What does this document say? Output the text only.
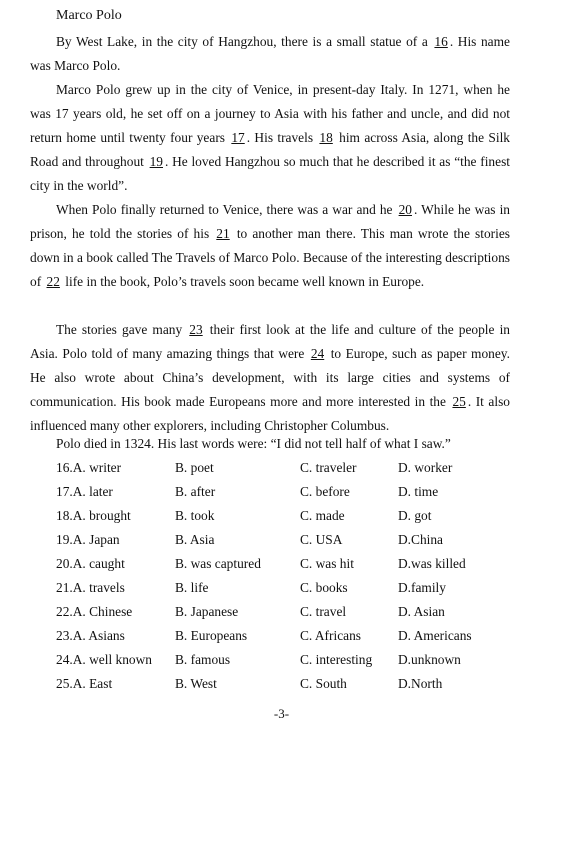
Marco Polo
By West Lake, in the city of Hangzhou, there is a small statue of a 16 . His name was Marco Polo.
Marco Polo grew up in the city of Venice, in present-day Italy. In 1271, when he was 17 years old, he set off on a journey to Asia with his father and uncle, and did not return home until twenty four years 17 . His travels 18 him across Asia, along the Silk Road and throughout 19 . He loved Hangzhou so much that he described it as “the finest city in the world”.
When Polo finally returned to Venice, there was a war and he 20 . While he was in prison, he told the stories of his 21 to another man there. This man wrote the stories down in a book called The Travels of Marco Polo. Because of the interesting descriptions of 22 life in the book, Polo’s travels soon became well known in Europe.
The stories gave many 23 their first look at the life and culture of the people in Asia. Polo told of many amazing things that were 24 to Europe, such as paper money. He also wrote about China’s development, with its large cities and systems of communication. His book made Europeans more and more interested in the 25 . It also influenced many other explorers, including Christopher Columbus.
Polo died in 1324. His last words were: “I did not tell half of what I saw.”
16.A. writer	B. poet	C. traveler	D. worker
17.A. later	B. after	C. before	D. time
18.A. brought	B. took	C. made	D. got
19.A. Japan	B. Asia	C. USA	D.China
20.A. caught	B. was captured	C. was hit	D.was killed
21.A. travels	B. life	C. books	D.family
22.A. Chinese	B. Japanese	C. travel	D. Asian
23.A. Asians	B. Europeans	C. Africans	D. Americans
24.A. well known B. famous	C. interesting D.unknown
25.A. East	B. West	C. South	D.North
-3-
